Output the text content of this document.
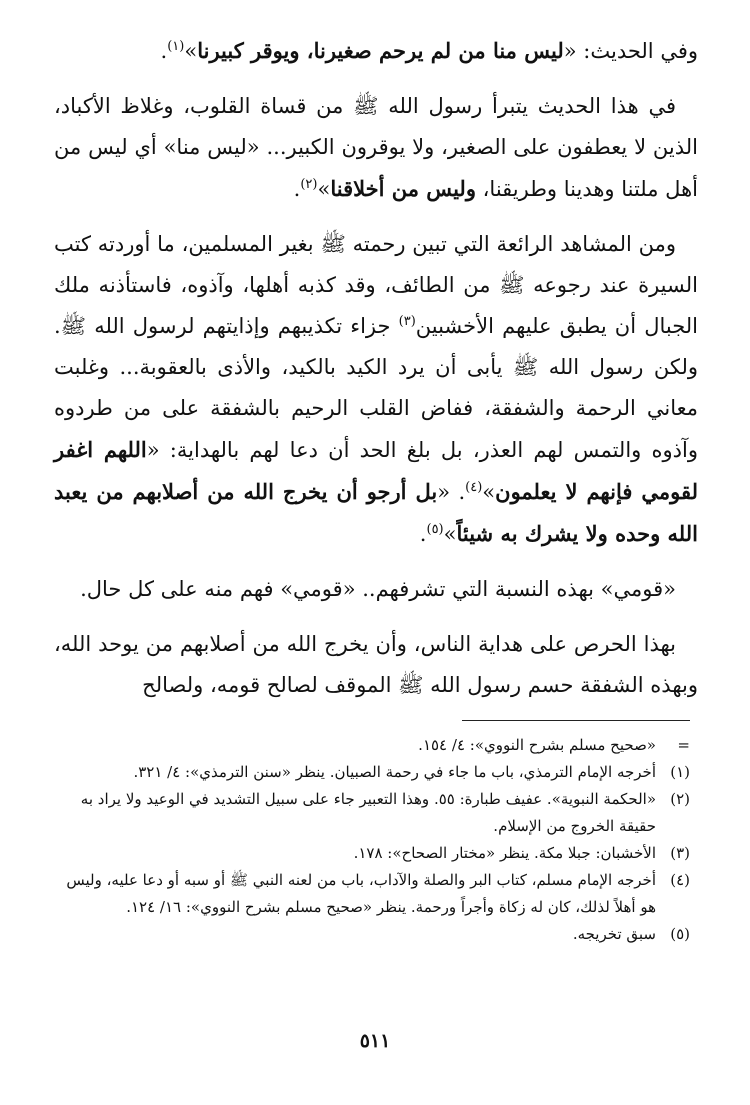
وفي الحديث: «ليس منا من لم يرحم صغيرنا، ويوقر كبيرنا»$^{(١)}$.

في هذا الحديث يتبرأ رسول الله ﷺ من قساة القلوب، وغلاظ الأكباد، الذين لا يعطفون على الصغير، ولا يوقرون الكبير... «ليس منا» أي ليس من أهل ملتنا وهدينا وطريقنا، وليس من أخلاقنا»$^{(٢)}$.

ومن المشاهد الرائعة التي تبين رحمته ﷺ بغير المسلمين، ما أوردته كتب السيرة عند رجوعه ﷺ من الطائف، وقد كذبه أهلها، وآذوه، فاستأذنه ملك الجبال أن يطبق عليهم الأخشبين$^{(٣)}$ جزاء تكذيبهم وإذايتهم لرسول الله ﷺ. ولكن رسول الله ﷺ يأبى أن يرد الكيد بالكيد، والأذى بالعقوبة... وغلبت معاني الرحمة والشفقة، ففاض القلب الرحيم بالشفقة على من طردوه وآذوه والتمس لهم العذر، بل بلغ الحد أن دعا لهم بالهداية: «اللهم اغفر لقومي فإنهم لا يعلمون»$^{(٤)}$. «بل أرجو أن يخرج الله من أصلابهم من يعبد الله وحده ولا يشرك به شيئاً»$^{(٥)}$.

«قومي» بهذه النسبة التي تشرفهم.. «قومي» فهم منه على كل حال.

بهذا الحرص على هداية الناس، وأن يخرج الله من أصلابهم من يوحد الله، وبهذه الشفقة حسم رسول الله ﷺ الموقف لصالح قومه، ولصالح

=
«صحيح مسلم بشرح النووي»: ٤/ ١٥٤.
(١)
أخرجه الإمام الترمذي، باب ما جاء في رحمة الصبيان. ينظر «سنن الترمذي»: ٤/ ٣٢١.
(٢)
«الحكمة النبوية». عفيف طبارة: ٥٥. وهذا التعبير جاء على سبيل التشديد في الوعيد ولا يراد به حقيقة الخروج من الإسلام.
(٣)
الأخشبان: جبلا مكة. ينظر «مختار الصحاح»: ١٧٨.
(٤)
أخرجه الإمام مسلم، كتاب البر والصلة والآداب، باب من لعنه النبي ﷺ أو سبه أو دعا عليه، وليس هو أهلاً لذلك، كان له زكاة وأجراً ورحمة. ينظر «صحيح مسلم بشرح النووي»: ١٦/ ١٢٤.
(٥)
سبق تخريجه.
٥١١
